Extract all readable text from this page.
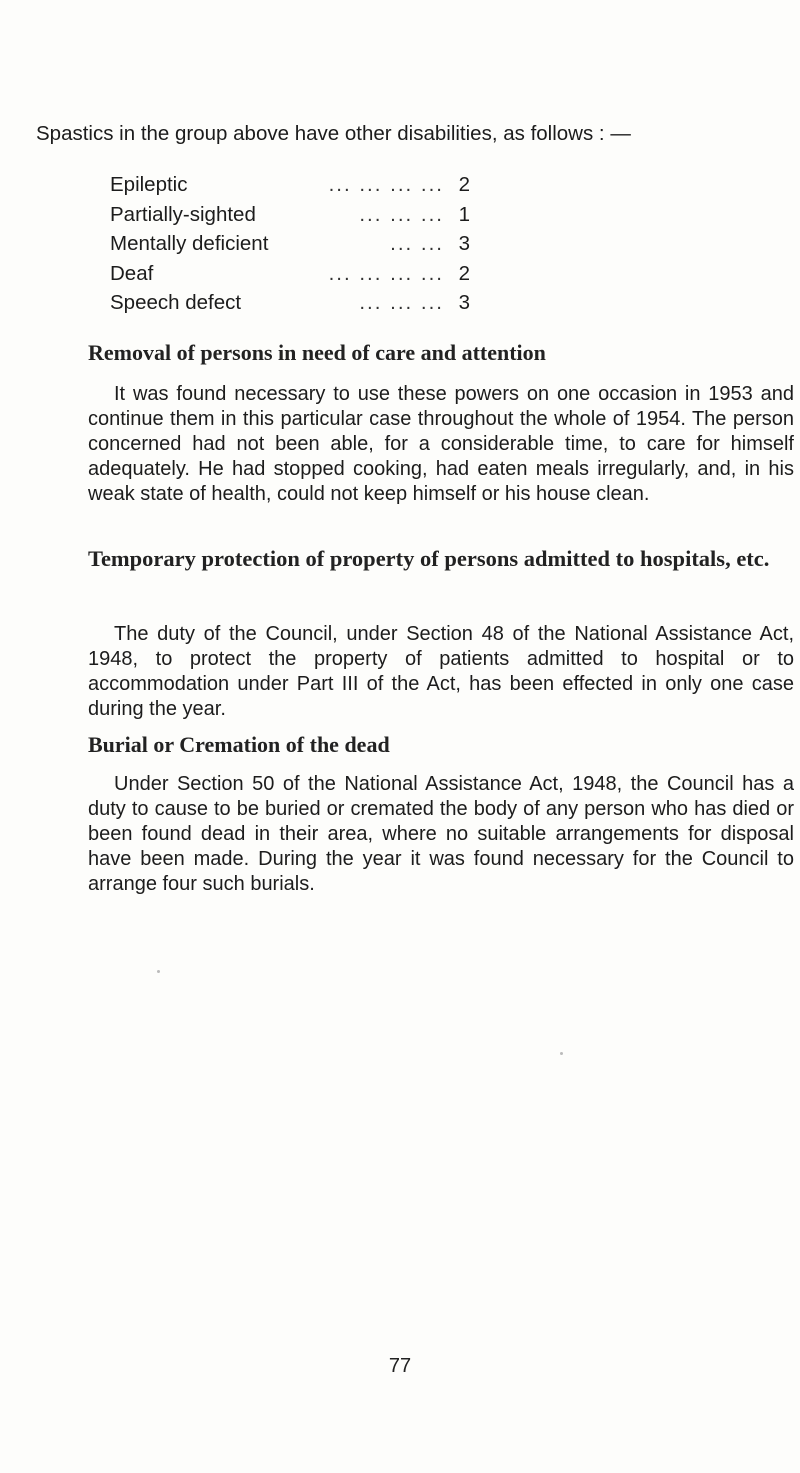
Spastics in the group above have other disabilities, as follows : —

Epileptic	... ... ... ... 2
Partially-sighted	... ... ... 1
Mentally deficient	... ... 3
Deaf	... ... ... ... 2
Speech defect	... ... ... 3
Removal of persons in need of care and attention

It was found necessary to use these powers on one occasion in 1953 and continue them in this particular case throughout the whole of 1954. The person concerned had not been able, for a considerable time, to care for himself adequately. He had stopped cooking, had eaten meals irregularly, and, in his weak state of health, could not keep himself or his house clean.

Temporary protection of property of persons admitted to hospitals, etc.

The duty of the Council, under Section 48 of the National Assistance Act, 1948, to protect the property of patients admitted to hospital or to accommodation under Part III of the Act, has been effected in only one case during the year.

Burial or Cremation of the dead

Under Section 50 of the National Assistance Act, 1948, the Council has a duty to cause to be buried or cremated the body of any person who has died or been found dead in their area, where no suitable arrangements for disposal have been made. During the year it was found necessary for the Council to arrange four such burials.

77
